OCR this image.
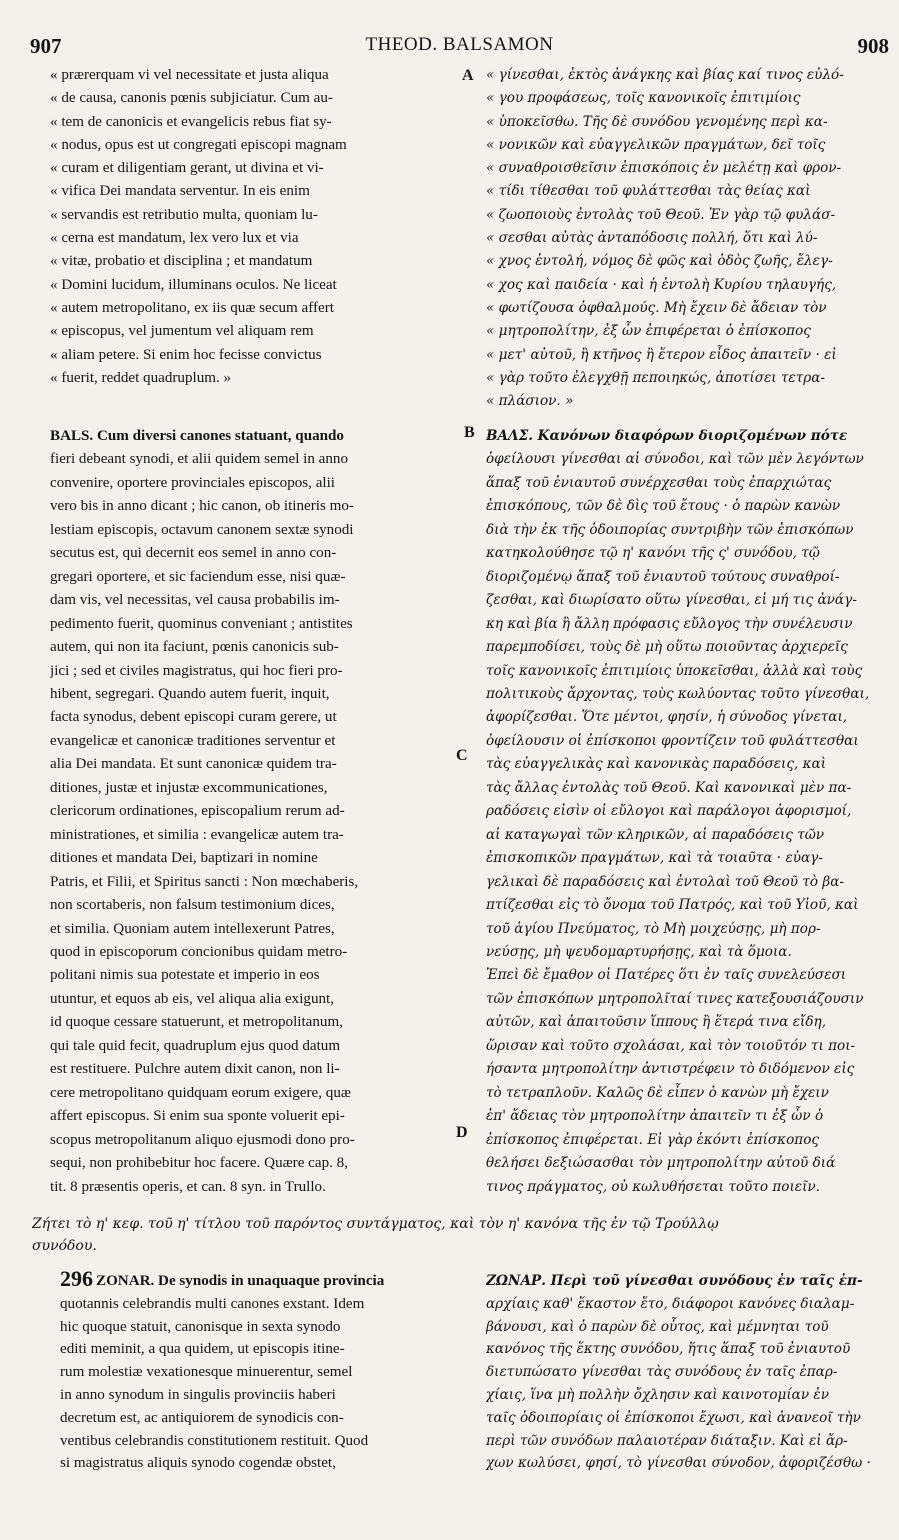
907	THEOD. BALSAMON	908
A
B
C
D
« prærerquam vi vel necessitate et justa aliqua
« de causa, canonis pœnis subjiciatur. Cum au-
« tem de canonicis et evangelicis rebus fiat sy-
« nodus, opus est ut congregati episcopi magnam
« curam et diligentiam gerant, ut divina et vi-
« vifica Dei mandata serventur. In eis enim
« servandis est retributio multa, quoniam lu-
« cerna est mandatum, lex vero lux et via
« vitæ, probatio et disciplina ; et mandatum
« Domini lucidum, illuminans oculos. Ne liceat
« autem metropolitano, ex iis quæ secum affert
« episcopus, vel jumentum vel aliquam rem
« aliam petere. Si enim hoc fecisse convictus
« fuerit, reddet quadruplum. »
« γίνεσθαι, ἐκτὸς ἀνάγκης καὶ βίας καί τινος εὐλό-
« γου προφάσεως, τοῖς κανονικοῖς ἐπιτιμίοις
« ὑποκεῖσθω. Τῆς δὲ συνόδου γενομένης περὶ κα-
« νονικῶν καὶ εὐαγγελικῶν πραγμάτων, δεῖ τοῖς
« συναθροισθεῖσιν ἐπισκόποις ἐν μελέτῃ καὶ φρον-
« τίδι τίθεσθαι τοῦ φυλάττεσθαι τὰς θείας καὶ
« ζωοποιοὺς ἐντολὰς τοῦ Θεοῦ. Ἐν γὰρ τῷ φυλάσ-
« σεσθαι αὐτὰς ἀνταπόδοσις πολλή, ὅτι καὶ λύ-
« χνος ἐντολή, νόμος δὲ φῶς καὶ ὁδὸς ζωῆς, ἔλεγ-
« χος καὶ παιδεία · καὶ ἡ ἐντολὴ Κυρίου τηλαυγής,
« φωτίζουσα ὀφθαλμούς. Μὴ ἔχειν δὲ ἄδειαν τὸν
« μητροπολίτην, ἐξ ὧν ἐπιφέρεται ὁ ἐπίσκοπος
« μετ' αὐτοῦ, ἢ κτῆνος ἢ ἕτερον εἶδος ἀπαιτεῖν · εἰ
« γὰρ τοῦτο ἐλεγχθῇ πεποιηκώς, ἀποτίσει τετρα-
« πλάσιον. »
BALS. Cum diversi canones statuant, quando
fieri debeant synodi, et alii quidem semel in anno
convenire, oportere provinciales episcopos, alii
vero bis in anno dicant ; hic canon, ob itineris mo-
lestiam episcopis, octavum canonem sextæ synodi
secutus est, qui decernit eos semel in anno con-
gregari oportere, et sic faciendum esse, nisi quæ-
dam vis, vel necessitas, vel causa probabilis im-
pedimento fuerit, quominus conveniant ; antistites
autem, qui non ita faciunt, pœnis canonicis sub-
jici ; sed et civiles magistratus, qui hoc fieri pro-
hibent, segregari. Quando autem fuerit, inquit,
facta synodus, debent episcopi curam gerere, ut
evangelicæ et canonicæ traditiones serventur et
alia Dei mandata. Et sunt canonicæ quidem tra-
ditiones, justæ et injustæ excommunicationes,
clericorum ordinationes, episcopalium rerum ad-
ministrationes, et similia : evangelicæ autem tra-
ditiones et mandata Dei, baptizari in nomine
Patris, et Filii, et Spiritus sancti : Non mœchaberis,
non scortaberis, non falsum testimonium dices,
et similia. Quoniam autem intellexerunt Patres,
quod in episcoporum concionibus quidam metro-
politani nimis sua potestate et imperio in eos
utuntur, et equos ab eis, vel aliqua alia exigunt,
id quoque cessare statuerunt, et metropolitanum,
qui tale quid fecit, quadruplum ejus quod datum
est restituere. Pulchre autem dixit canon, non li-
cere metropolitano quidquam eorum exigere, quæ
affert episcopus. Si enim sua sponte voluerit epi-
scopus metropolitanum aliquo ejusmodi dono pro-
sequi, non prohibebitur hoc facere. Quære cap. 8,
tit. 8 præsentis operis, et can. 8 syn. in Trullo.
ΒΑΛΣ. Κανόνων διαφόρων διοριζομένων πότε
ὀφείλουσι γίνεσθαι αἱ σύνοδοι, καὶ τῶν μὲν λεγόντων
ἅπαξ τοῦ ἐνιαυτοῦ συνέρχεσθαι τοὺς ἐπαρχιώτας
ἐπισκόπους, τῶν δὲ δὶς τοῦ ἔτους · ὁ παρὼν κανὼν
διὰ τὴν ἐκ τῆς ὁδοιπορίας συντριβὴν τῶν ἐπισκόπων
κατηκολούθησε τῷ η' κανόνι τῆς ς' συνόδου, τῷ
διοριζομένῳ ἅπαξ τοῦ ἐνιαυτοῦ τούτους συναθροί-
ζεσθαι, καὶ διωρίσατο οὕτω γίνεσθαι, εἰ μή τις ἀνάγ-
κη καὶ βία ἢ ἄλλη πρόφασις εὔλογος τὴν συνέλευσιν
παρεμποδίσει, τοὺς δὲ μὴ οὕτω ποιοῦντας ἀρχιερεῖς
τοῖς κανονικοῖς ἐπιτιμίοις ὑποκεῖσθαι, ἀλλὰ καὶ τοὺς
πολιτικοὺς ἄρχοντας, τοὺς κωλύοντας τοῦτο γίνεσθαι,
ἀφορίζεσθαι. Ὅτε μέντοι, φησίν, ἡ σύνοδος γίνεται,
ὀφείλουσιν οἱ ἐπίσκοποι φροντίζειν τοῦ φυλάττεσθαι
τὰς εὐαγγελικὰς καὶ κανονικὰς παραδόσεις, καὶ
τὰς ἄλλας ἐντολὰς τοῦ Θεοῦ. Καὶ κανονικαὶ μὲν πα-
ραδόσεις εἰσὶν οἱ εὔλογοι καὶ παράλογοι ἀφορισμοί,
αἱ καταγωγαὶ τῶν κληρικῶν, αἱ παραδόσεις τῶν
ἐπισκοπικῶν πραγμάτων, καὶ τὰ τοιαῦτα · εὐαγ-
γελικαὶ δὲ παραδόσεις καὶ ἐντολαὶ τοῦ Θεοῦ τὸ βα-
πτίζεσθαι εἰς τὸ ὄνομα τοῦ Πατρός, καὶ τοῦ Υἱοῦ, καὶ
τοῦ ἁγίου Πνεύματος, τὸ Μὴ μοιχεύσῃς, μὴ πορ-
νεύσῃς, μὴ ψευδομαρτυρήσῃς, καὶ τὰ ὅμοια.
Ἐπεὶ δὲ ἔμαθον οἱ Πατέρες ὅτι ἐν ταῖς συνελεύσεσι
τῶν ἐπισκόπων μητροπολῖταί τινες κατεξουσιάζουσιν
αὐτῶν, καὶ ἀπαιτοῦσιν ἵππους ἢ ἕτερά τινα εἴδη,
ὥρισαν καὶ τοῦτο σχολάσαι, καὶ τὸν τοιοῦτόν τι ποι-
ήσαντα μητροπολίτην ἀντιστρέφειν τὸ διδόμενον εἰς
τὸ τετραπλοῦν. Καλῶς δὲ εἶπεν ὁ κανὼν μὴ ἔχειν
ἐπ' ἄδειας τὸν μητροπολίτην ἀπαιτεῖν τι ἐξ ὧν ὁ
ἐπίσκοπος ἐπιφέρεται. Εἰ γὰρ ἑκόντι ἐπίσκοπος
θελήσει δεξιώσασθαι τὸν μητροπολίτην αὐτοῦ διά
τινος πράγματος, οὐ κωλυθήσεται τοῦτο ποιεῖν.
Ζήτει τὸ η' κεφ. τοῦ η' τίτλου τοῦ παρόντος συντάγματος, καὶ τὸν η' κανόνα τῆς ἐν τῷ Τρούλλῳ
συνόδου.
ZONAR. De synodis in unaquaque provincia
quotannis celebrandis multi canones exstant. Idem
hic quoque statuit, canonisque in sexta synodo
editi meminit, a qua quidem, ut episcopis itine-
rum molestiæ vexationesque minuerentur, semel
in anno synodum in singulis provinciis haberi
decretum est, ac antiquiorem de synodicis con-
ventibus celebrandis constitutionem restituit. Quod
si magistratus aliquis synodo cogendæ obstet,
ΖΩΝΑΡ. Περὶ τοῦ γίνεσθαι συνόδους ἐν ταῖς ἐπ-
αρχίαις καθ' ἕκαστον ἔτο, διάφοροι κανόνες διαλαμ-
βάνουσι, καὶ ὁ παρὼν δὲ οὗτος, καὶ μέμνηται τοῦ
κανόνος τῆς ἕκτης συνόδου, ἥτις ἅπαξ τοῦ ἐνιαυτοῦ
διετυπώσατο γίνεσθαι τὰς συνόδους ἐν ταῖς ἐπαρ-
χίαις, ἵνα μὴ πολλὴν ὄχλησιν καὶ καινοτομίαν ἐν
ταῖς ὁδοιπορίαις οἱ ἐπίσκοποι ἔχωσι, καὶ ἀνανεοῖ τὴν
περὶ τῶν συνόδων παλαιοτέραν διάταξιν. Καὶ εἰ ἄρ-
χων κωλύσει, φησί, τὸ γίνεσθαι σύνοδον, ἀφοριζέσθω ·
296
